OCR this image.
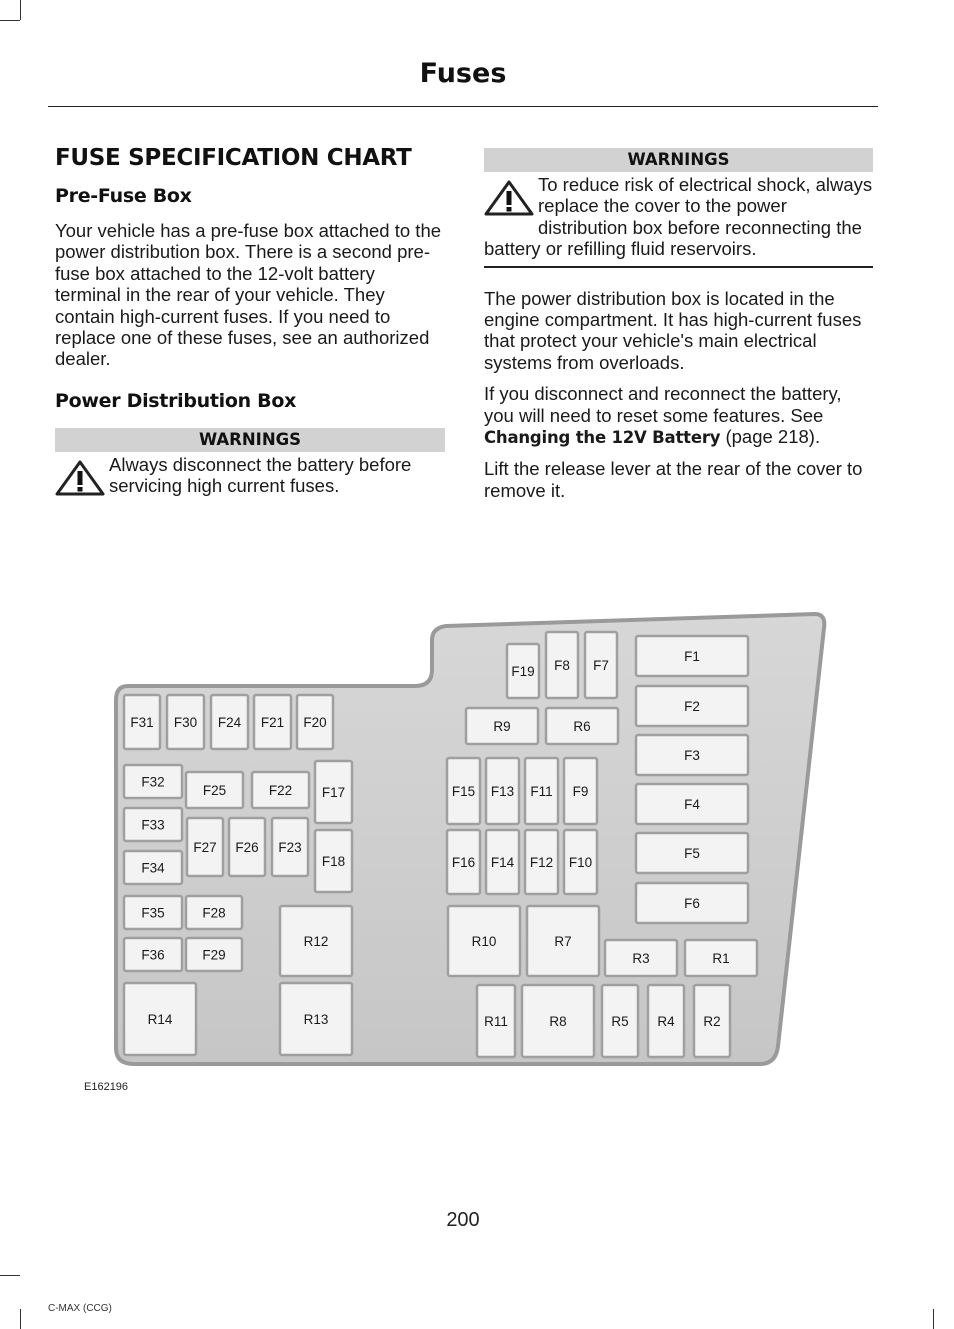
Fuses
FUSE SPECIFICATION CHART
Pre-Fuse Box

Your vehicle has a pre-fuse box attached to the power distribution box. There is a second pre-fuse box attached to the 12-volt battery terminal in the rear of your vehicle. They contain high-current fuses. If you need to replace one of these fuses, see an authorized dealer.

Power Distribution Box
WARNINGS
Always disconnect the battery before servicing high current fuses.
WARNINGS
To reduce risk of electrical shock, always replace the cover to the power distribution box before reconnecting the battery or refilling fluid reservoirs.

The power distribution box is located in the engine compartment. It has high-current fuses that protect your vehicle's main electrical systems from overloads.

If you disconnect and reconnect the battery, you will need to reset some features. See Changing the 12V Battery (page 218).

Lift the release lever at the rear of the cover to remove it.

F31 F30 F24 F21 F20
F32
F33
F34
F35
F36
F25	F22 F17
F18
F27 F26 F23
F28
F29
R14
R12
R13
F19 F8 F7
R9	R6
F15 F13 F11 F9
F16 F14 F12 F10
R10	R7
R11	R8	R5 R4 R2
R3	R1
F1
F2
F3
F4
F5
F6
E162196
200
C-MAX (CCG)
